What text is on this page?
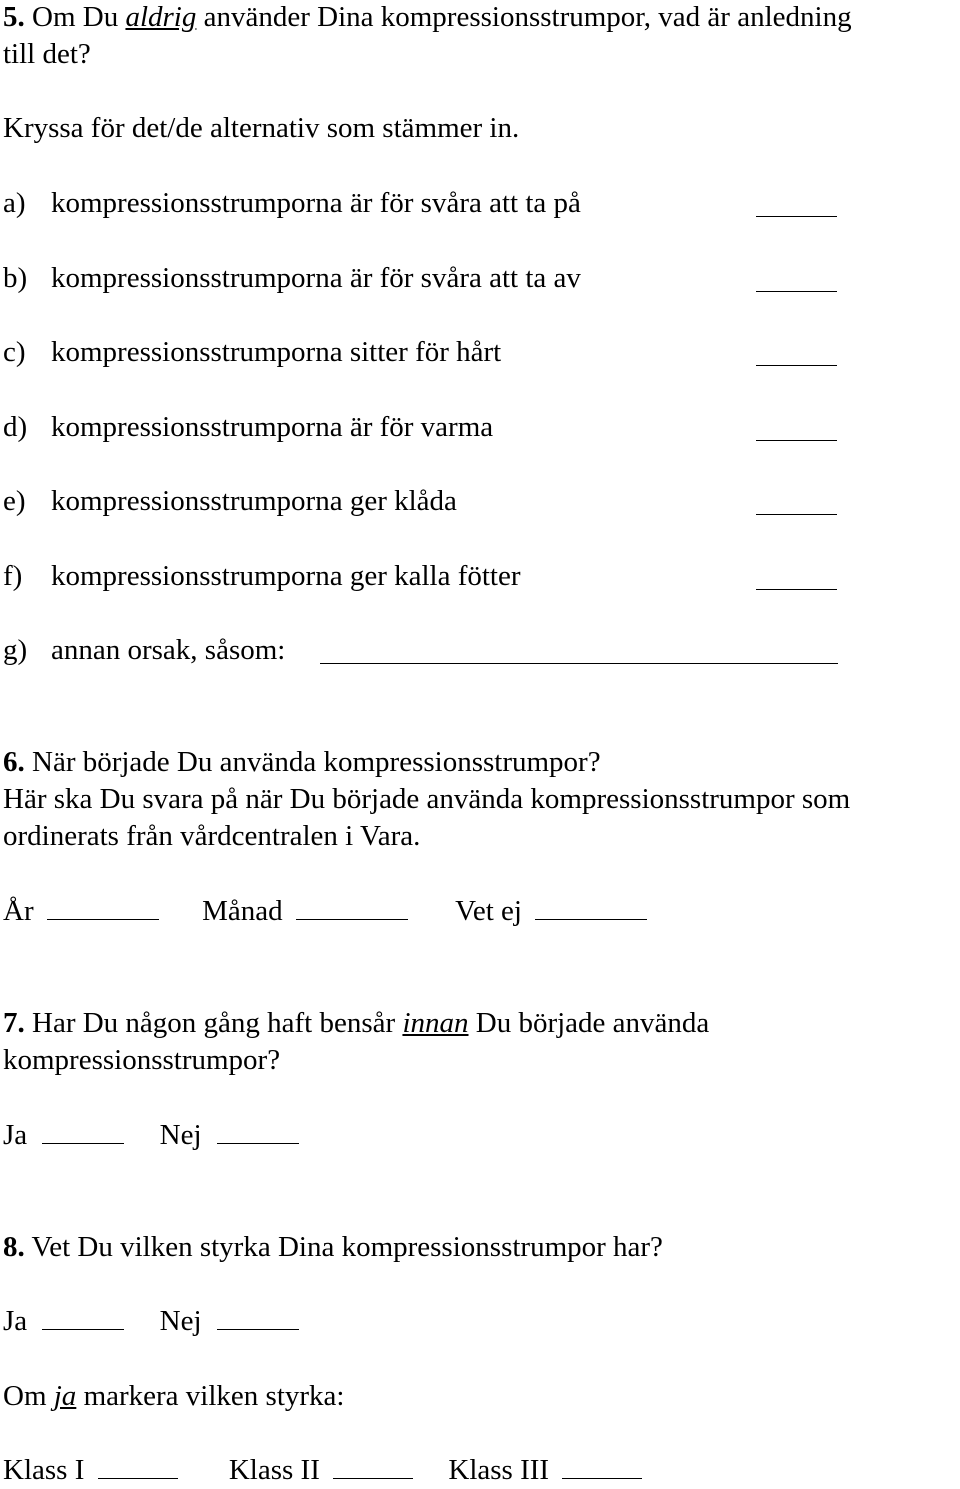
5. Om Du aldrig använder Dina kompressionsstrumpor, vad är anledning
till det?
Kryssa för det/de alternativ som stämmer in.
a) kompressionsstrumporna är för svåra att ta på
b) kompressionsstrumporna är för svåra att ta av
c) kompressionsstrumporna sitter för hårt
d) kompressionsstrumporna är för varma
e) kompressionsstrumporna ger klåda
f) kompressionsstrumporna ger kalla fötter
g) annan orsak, såsom:
6. När började Du använda kompressionsstrumpor?
Här ska Du svara på när Du började använda kompressionsstrumpor som
ordinerats från vårdcentralen i Vara.
År	Månad	Vet ej
7. Har Du någon gång haft bensår innan Du började använda
kompressionsstrumpor?
Ja	Nej
8. Vet Du vilken styrka Dina kompressionsstrumpor har?
Ja	Nej
Om ja markera vilken styrka:
Klass I	Klass II	Klass III
